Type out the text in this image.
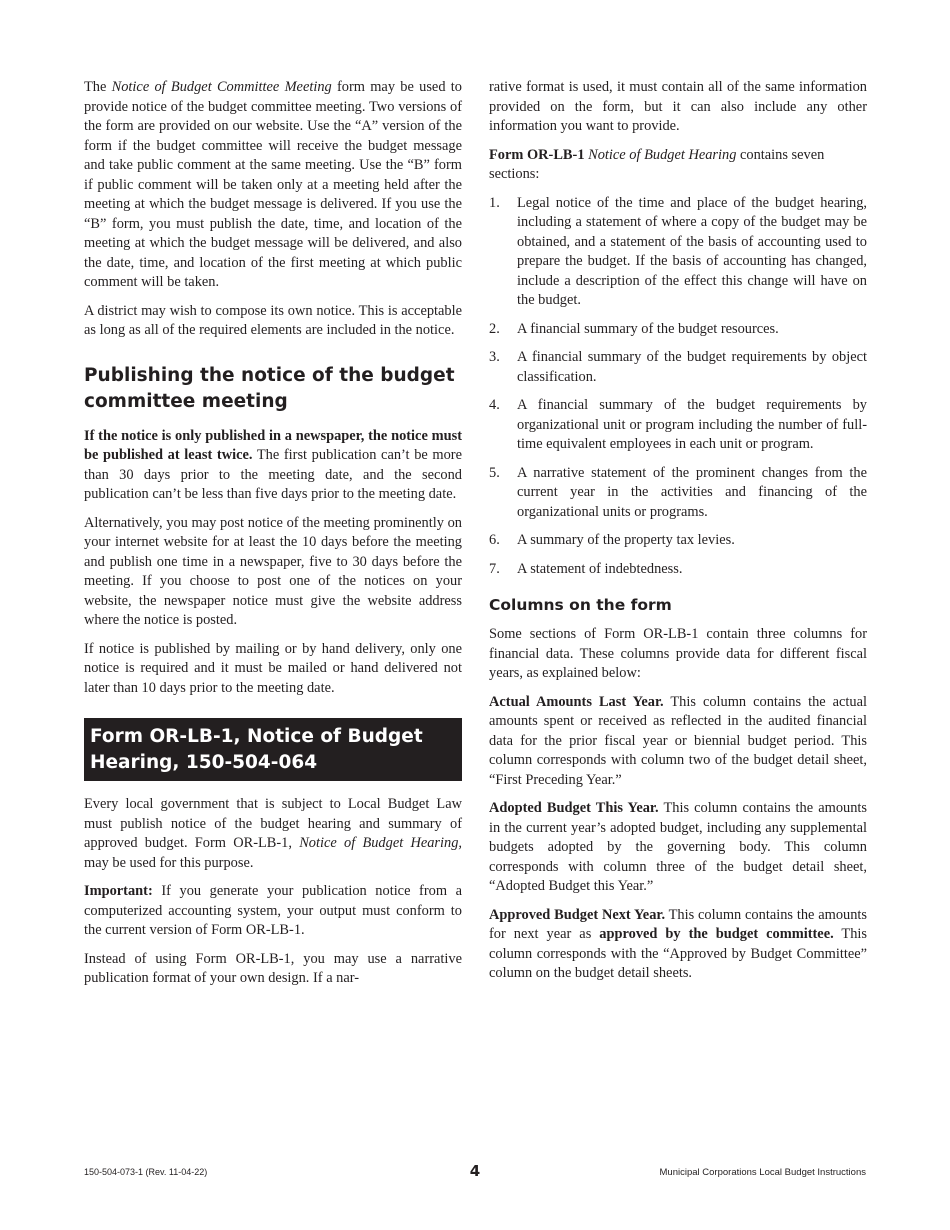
The Notice of Budget Committee Meeting form may be used to provide notice of the budget committee meeting. Two versions of the form are provided on our website. Use the “A” version of the form if the budget committee will receive the budget message and take public comment at the same meeting. Use the “B” form if public comment will be taken only at a meeting held after the meeting at which the budget message is delivered. If you use the “B” form, you must publish the date, time, and location of the meeting at which the budget message will be delivered, and also the date, time, and location of the first meeting at which public comment will be taken.

A district may wish to compose its own notice. This is acceptable as long as all of the required elements are included in the notice.

Publishing the notice of the budget committee meeting

If the notice is only published in a newspaper, the notice must be published at least twice. The first publication can’t be more than 30 days prior to the meeting date, and the second publication can’t be less than five days prior to the meeting date.

Alternatively, you may post notice of the meeting prominently on your internet website for at least the 10 days before the meeting and publish one time in a newspaper, five to 30 days before the meeting. If you choose to post one of the notices on your website, the newspaper notice must give the website address where the notice is posted.

If notice is published by mailing or by hand delivery, only one notice is required and it must be mailed or hand delivered not later than 10 days prior to the meeting date.

Form OR-LB-1, Notice of Budget
Hearing, 150-504-064

Every local government that is subject to Local Budget Law must publish notice of the budget hearing and summary of approved budget. Form OR-LB-1, Notice of Budget Hearing, may be used for this purpose.

Important: If you generate your publication notice from a computerized accounting system, your output must conform to the current version of Form OR-LB-1.

Instead of using Form OR-LB-1, you may use a narrative publication format of your own design. If a nar-

rative format is used, it must contain all of the same information provided on the form, but it can also include any other information you want to provide.

Form OR-LB-1 Notice of Budget Hearing contains seven sections:

1. Legal notice of the time and place of the budget hearing, including a statement of where a copy of the budget may be obtained, and a statement of the basis of accounting used to prepare the budget. If the basis of accounting has changed, include a description of the effect this change will have on the budget.
2. A financial summary of the budget resources.
3. A financial summary of the budget requirements by object classification.
4. A financial summary of the budget requirements by organizational unit or program including the number of full-time equivalent employees in each unit or program.
5. A narrative statement of the prominent changes from the current year in the activities and financing of the organizational units or programs.
6. A summary of the property tax levies.
7. A statement of indebtedness.
Columns on the form

Some sections of Form OR-LB-1 contain three columns for financial data. These columns provide data for different fiscal years, as explained below:

Actual Amounts Last Year. This column contains the actual amounts spent or received as reflected in the audited financial data for the prior fiscal year or biennial budget period. This column corresponds with column two of the budget detail sheet, “First Preceding Year.”

Adopted Budget This Year. This column contains the amounts in the current year’s adopted budget, including any supplemental budgets adopted by the governing body. This column corresponds with column three of the budget detail sheet, “Adopted Budget this Year.”

Approved Budget Next Year. This column contains the amounts for next year as approved by the budget committee. This column corresponds with the “Approved by Budget Committee” column on the budget detail sheets.

150-504-073-1 (Rev. 11-04-22)	4	Municipal Corporations Local Budget Instructions
